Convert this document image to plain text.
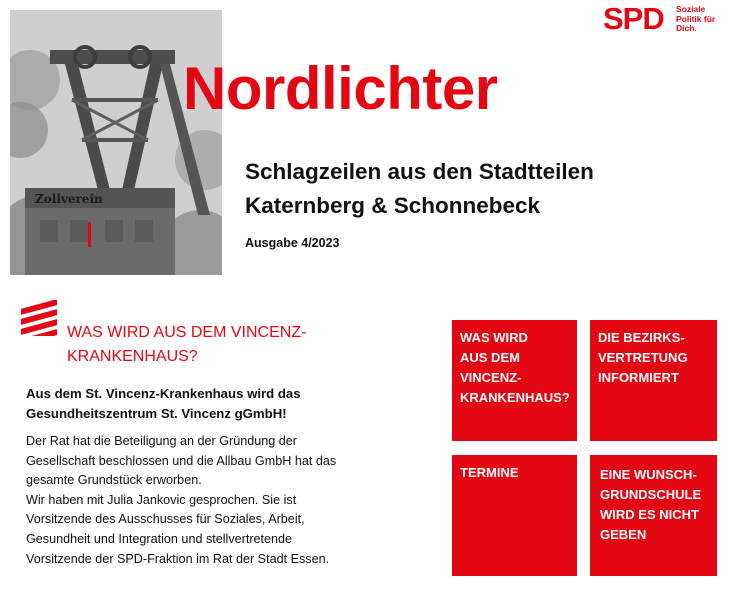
Zollverein
SPD Soziale
Politik für
Dich.
Nordlichter
Schlagzeilen aus den Stadtteilen
Katernberg & Schonnebeck
Ausgabe 4/2023
WAS WIRD AUS DEM VINCENZ-KRANKENHAUS?
Aus dem St. Vincenz-Krankenhaus wird das Gesundheitszentrum St. Vincenz gGmbH!

Der Rat hat die Beteiligung an der Gründung der Gesellschaft beschlossen und die Allbau GmbH hat das gesamte Grundstück erworben.

Wir haben mit Julia Jankovic gesprochen. Sie ist Vorsitzende des Ausschusses für Soziales, Arbeit, Gesundheit und Integration und stellvertretende Vorsitzende der SPD-Fraktion im Rat der Stadt Essen.

WAS WIRD
AUS DEM
VINCENZ-
KRANKENHAUS?
DIE BEZIRKS-
VERTRETUNG
INFORMIERT
TERMINE	EINE WUNSCH-
GRUNDSCHULE
WIRD ES NICHT
GEBEN
